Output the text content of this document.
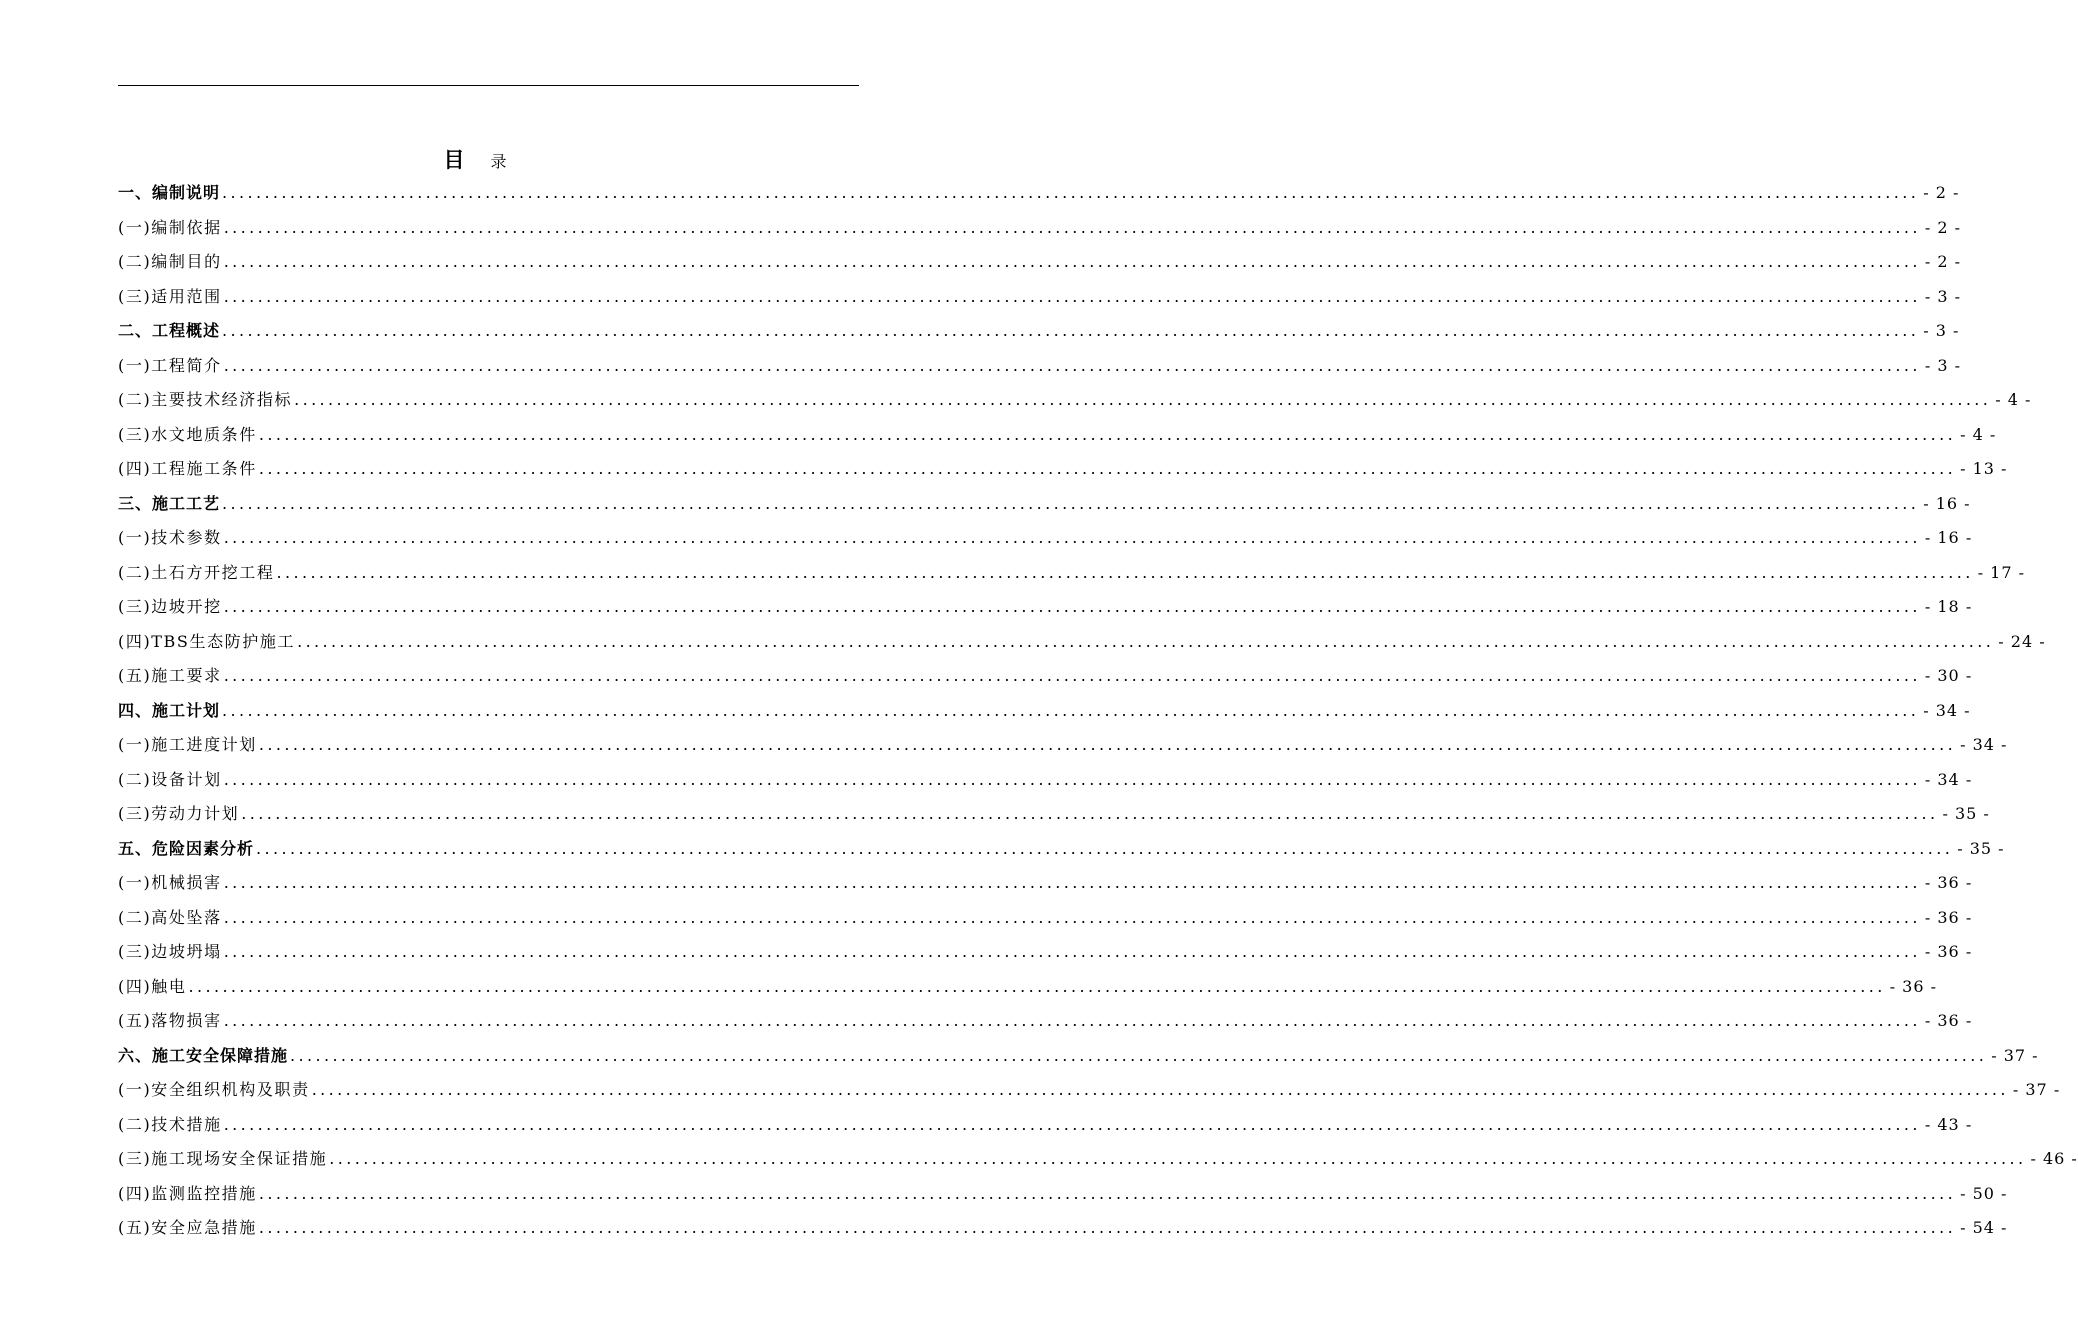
目 录
一、编制说明 ........................................................................................................................................................................................................ - 2 -
(一)编制依据 ........................................................................................................................................................................................................ - 2 -
(二)编制目的 ........................................................................................................................................................................................................ - 2 -
(三)适用范围 ........................................................................................................................................................................................................ - 3 -
二、工程概述 ........................................................................................................................................................................................................ - 3 -
(一)工程简介 ........................................................................................................................................................................................................ - 3 -
(二)主要技术经济指标 ........................................................................................................................................................................................................ - 4 -
(三)水文地质条件 ........................................................................................................................................................................................................ - 4 -
(四)工程施工条件 ........................................................................................................................................................................................................ - 13 -
三、施工工艺 ........................................................................................................................................................................................................ - 16 -
(一)技术参数 ........................................................................................................................................................................................................ - 16 -
(二)土石方开挖工程 ........................................................................................................................................................................................................ - 17 -
(三)边坡开挖 ........................................................................................................................................................................................................ - 18 -
(四)TBS生态防护施工 ........................................................................................................................................................................................................ - 24 -
(五)施工要求 ........................................................................................................................................................................................................ - 30 -
四、施工计划 ........................................................................................................................................................................................................ - 34 -
(一)施工进度计划 ........................................................................................................................................................................................................ - 34 -
(二)设备计划 ........................................................................................................................................................................................................ - 34 -
(三)劳动力计划 ........................................................................................................................................................................................................ - 35 -
五、危险因素分析 ........................................................................................................................................................................................................ - 35 -
(一)机械损害 ........................................................................................................................................................................................................ - 36 -
(二)高处坠落 ........................................................................................................................................................................................................ - 36 -
(三)边坡坍塌 ........................................................................................................................................................................................................ - 36 -
(四)触电 ........................................................................................................................................................................................................ - 36 -
(五)落物损害 ........................................................................................................................................................................................................ - 36 -
六、施工安全保障措施 ........................................................................................................................................................................................................ - 37 -
(一)安全组织机构及职责 ........................................................................................................................................................................................................ - 37 -
(二)技术措施 ........................................................................................................................................................................................................ - 43 -
(三)施工现场安全保证措施 ........................................................................................................................................................................................................ - 46 -
(四)监测监控措施 ........................................................................................................................................................................................................ - 50 -
(五)安全应急措施 ........................................................................................................................................................................................................ - 54 -
